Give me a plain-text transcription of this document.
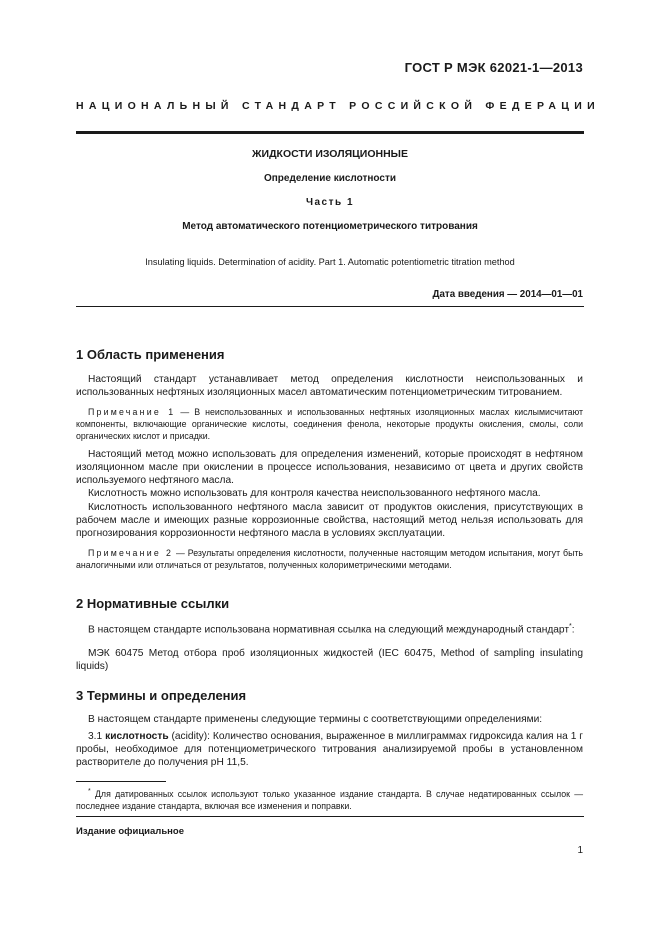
ГОСТ Р МЭК 62021-1—2013
НАЦИОНАЛЬНЫЙ СТАНДАРТ РОССИЙСКОЙ ФЕДЕРАЦИИ
ЖИДКОСТИ ИЗОЛЯЦИОННЫЕ
Определение кислотности
Часть 1
Метод автоматического потенциометрического титрования
Insulating liquids. Determination of acidity. Part 1. Automatic potentiometric titration method
Дата введения — 2014—01—01
1 Область применения
Настоящий стандарт устанавливает метод определения кислотности неиспользованных и использованных нефтяных изоляционных масел автоматическим потенциометрическим титрованием.
Примечание 1 — В неиспользованных и использованных нефтяных изоляционных маслах кислымисчитают компоненты, включающие органические кислоты, соединения фенола, некоторые продукты окисления, смолы, соли органических кислот и присадки.
Настоящий метод можно использовать для определения изменений, которые происходят в нефтяном изоляционном масле при окислении в процессе использования, независимо от цвета и других свойств используемого нефтяного масла.
Кислотность можно использовать для контроля качества неиспользованного нефтяного масла.
Кислотность использованного нефтяного масла зависит от продуктов окисления, присутствующих в рабочем масле и имеющих разные коррозионные свойства, настоящий метод нельзя использовать для прогнозирования коррозионности нефтяного масла в условиях эксплуатации.
Примечание 2 — Результаты определения кислотности, полученные настоящим методом испытания, могут быть аналогичными или отличаться от результатов, полученных колориметрическими методами.
2 Нормативные ссылки
В настоящем стандарте использована нормативная ссылка на следующий международный стандарт*:
МЭК 60475 Метод отбора проб изоляционных жидкостей (IEC 60475, Method of sampling insulating liquids)
3 Термины и определения
В настоящем стандарте применены следующие термины с соответствующими определениями:
3.1 кислотность (acidity): Количество основания, выраженное в миллиграммах гидроксида калия на 1 г пробы, необходимое для потенциометрического титрования анализируемой пробы в установленном растворителе до получения рН 11,5.
* Для датированных ссылок используют только указанное издание стандарта. В случае недатированных ссылок — последнее издание стандарта, включая все изменения и поправки.
Издание официальное
1
